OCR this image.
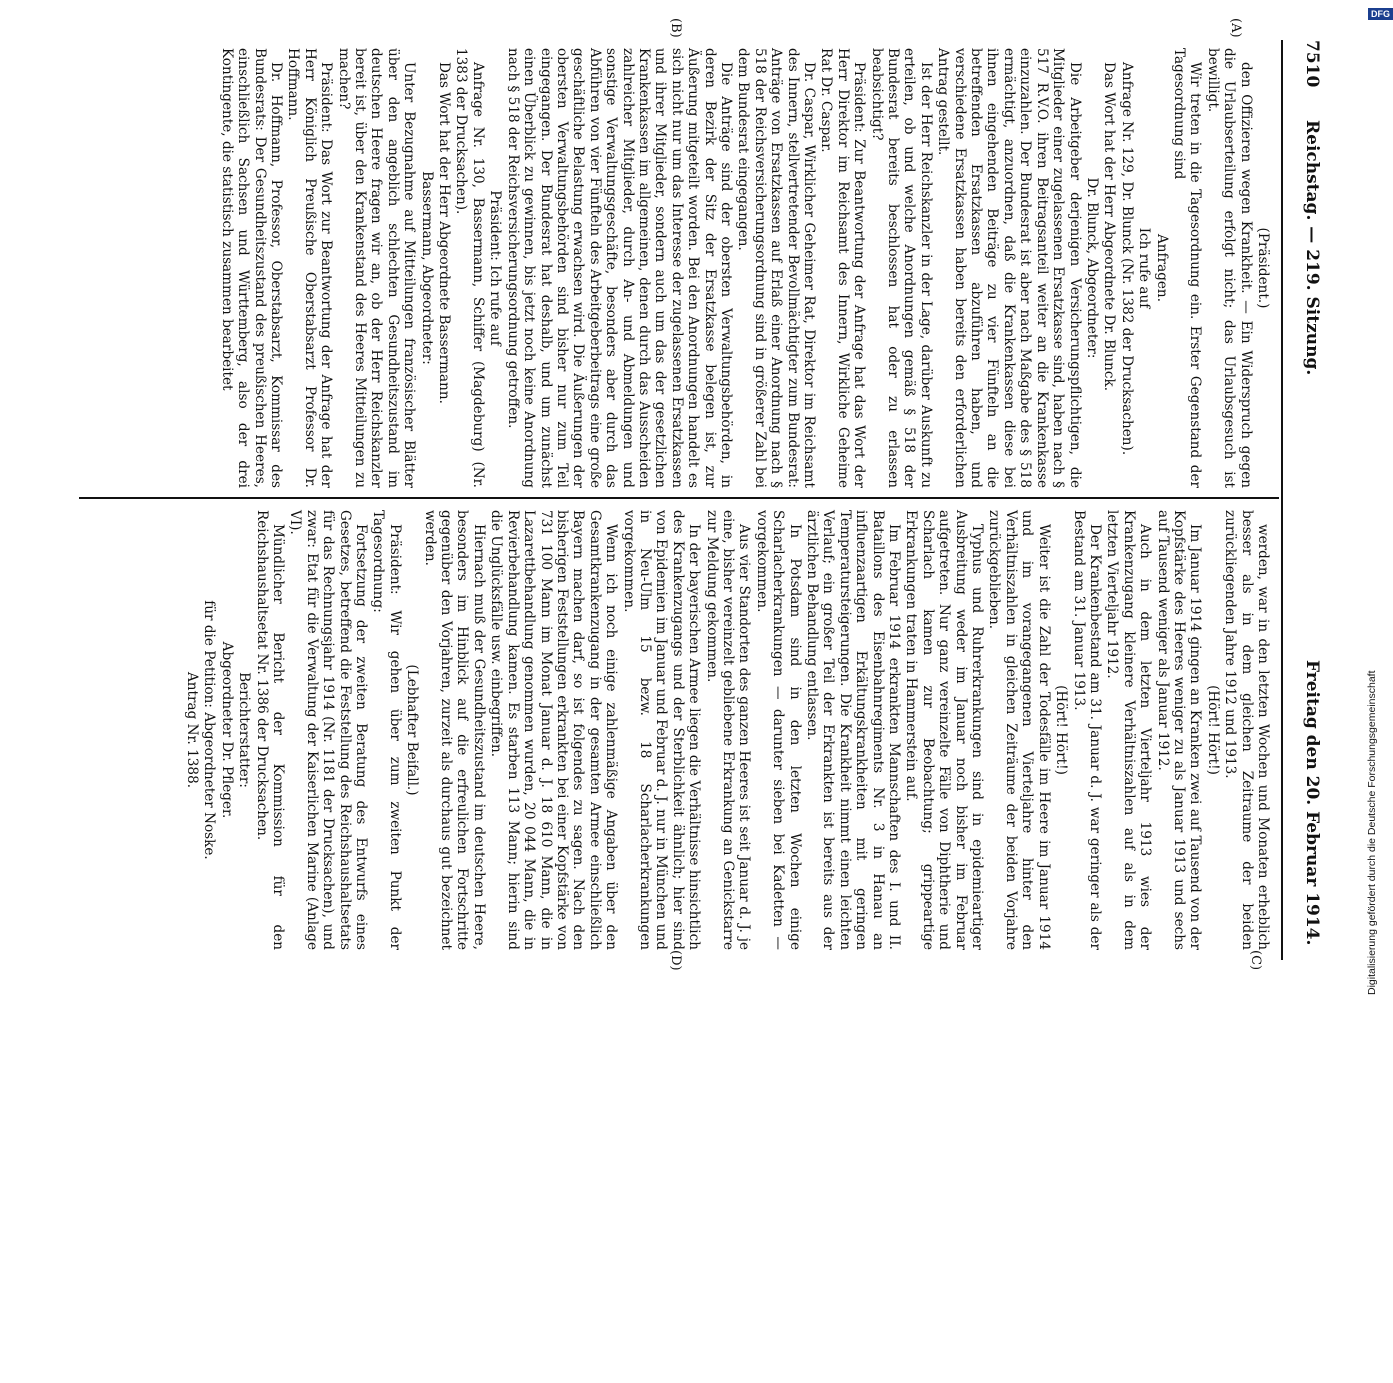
7510
Reichstag. — 219. Sitzung.
Freitag den 20. Februar 1914.
(A)
(B)
(C)
(D)

(Präsident.)

den Offizieren wegen Krankheit. — Ein Widerspruch gegen die Urlaubserteilung erfolgt nicht; das Urlaubsgesuch ist bewilligt.

Wir treten in die Tagesordnung ein. Erster Gegenstand der Tagesordnung sind

Anfragen.

Ich rufe auf

Anfrage Nr. 129, Dr. Blunck (Nr. 1382 der Drucksachen).

Das Wort hat der Herr Abgeordnete Dr. Blunck.

Dr. Blunck, Abgeordneter:

Die Arbeitgeber derjenigen Versicherungspflichtigen, die Mitglieder einer zugelassenen Ersatzkasse sind, haben nach § 517 R.V.O. ihren Beitragsanteil weiter an die Krankenkasse einzuzahlen. Der Bundesrat ist aber nach Maßgabe des § 518 ermächtigt, anzuordnen, daß die Krankenkassen diese bei ihnen eingehenden Beiträge zu vier Fünfteln an die betreffenden Ersatzkassen abzuführen haben, und verschiedene Ersatzkassen haben bereits den erforderlichen Antrag gestellt.

Ist der Herr Reichskanzler in der Lage, darüber Auskunft zu erteilen, ob und welche Anordnungen gemäß § 518 der Bundesrat bereits beschlossen hat oder zu erlassen beabsichtigt?

Präsident: Zur Beantwortung der Anfrage hat das Wort der Herr Direktor im Reichsamt des Innern, Wirkliche Geheime Rat Dr. Caspar.

Dr. Caspar, Wirklicher Geheimer Rat, Direktor im Reichsamt des Innern, stellvertretender Bevollmächtigter zum Bundesrat: Anträge von Ersatzkassen auf Erlaß einer Anordnung nach § 518 der Reichsversicherungsordnung sind in größerer Zahl bei dem Bundesrat eingegangen.

Die Anträge sind der obersten Verwaltungsbehörden, in deren Bezirk der Sitz der Ersatzkasse belegen ist, zur Äußerung mitgeteilt worden. Bei den Anordnungen handelt es sich nicht nur um das Interesse der zugelassenen Ersatzkassen und ihrer Mitglieder, sondern auch um das der gesetzlichen Krankenkassen im allgemeinen, denen durch das Ausscheiden zahlreicher Mitglieder, durch An- und Abmeldungen und sonstige Verwaltungsgeschäfte, besonders aber durch das Abführen von vier Fünfteln des Arbeitgeberbeitrags eine große geschäftliche Belastung erwachsen wird. Die Äußerungen der obersten Verwaltungsbehörden sind bisher nur zum Teil eingegangen. Der Bundesrat hat deshalb, und um zunächst einen Überblick zu gewinnen, bis jetzt noch keine Anordnung nach § 518 der Reichsversicherungsordnung getroffen.

Präsident: Ich rufe auf

Anfrage Nr. 130, Bassermann, Schiffer (Magdeburg) (Nr. 1383 der Drucksachen).

Das Wort hat der Herr Abgeordnete Bassermann.

Bassermann, Abgeordneter:

Unter Bezugnahme auf Mitteilungen französischer Blätter über den angeblich schlechten Gesundheitszustand im deutschen Heere fragen wir an, ob der Herr Reichskanzler bereit ist, über den Krankenstand des Heeres Mitteilungen zu machen?

Präsident: Das Wort zur Beantwortung der Anfrage hat der Herr Königlich Preußische Oberstabsarzt Professor Dr. Hoffmann.

Dr. Hoffmann, Professor, Oberstabsarzt, Kommissar des Bundesrats: Der Gesundheitszustand des preußischen Heeres, einschließlich Sachsen und Württemberg, also der drei Kontingente, die statistisch zusammen bearbeitet

werden, war in den letzten Wochen und Monaten erheblich besser als in dem gleichen Zeitraume der beiden zurückliegenden Jahre 1912 und 1913.

(Hört! Hört!)

Im Januar 1914 gingen an Kranken zwei auf Tausend von der Kopfstärke des Heeres weniger zu als Januar 1913 und sechs auf Tausend weniger als Januar 1912.

Auch in dem letzten Vierteljahr 1913 wies der Krankenzugang kleinere Verhältniszahlen auf als in dem letzten Vierteljahr 1912.

Der Krankenbestand am 31. Januar d. J. war geringer als der Bestand am 31. Januar 1913.

(Hört! Hört!)

Weiter ist die Zahl der Todesfälle im Heere im Januar 1914 und im vorangegangenen Vierteljahre hinter den Verhältniszahlen in gleichen Zeiträume der beiden Vorjahre zurückgeblieben.

Typhus und Ruhrerkrankungen sind in epidemieartiger Ausbreitung weder im Januar noch bisher im Februar aufgetreten. Nur ganz vereinzelte Fälle von Diphtherie und Scharlach kamen zur Beobachtung; grippeartige Erkrankungen traten in Hammerstein auf.

Im Februar 1914 erkrankten Mannschaften des I. und II. Bataillons des Eisenbahnregiments Nr. 3 in Hanau an influenzaartigen Erkältungskrankheiten mit geringen Temperatursteigerungen. Die Krankheit nimmt einen leichten Verlauf; ein großer Teil der Erkrankten ist bereits aus der ärztlichen Behandlung entlassen.

In Potsdam sind in den letzten Wochen einige Scharlacherkrankungen — darunter sieben bei Kadetten — vorgekommen.

Aus vier Standorten des ganzen Heeres ist seit Januar d. J. je eine, bisher vereinzelt gebliebene Erkrankung an Genickstarre zur Meldung gekommen.

In der bayerischen Armee liegen die Verhältnisse hinsichtlich des Krankenzugangs und der Sterblichkeit ähnlich; hier sind von Epidemien im Januar und Februar d. J. nur in München und in Neu-Ulm 15 bezw. 18 Scharlacherkrankungen vorgekommen.

Wenn ich noch einige zahlenmäßige Angaben über den Gesamtkrankenzugang in der gesamten Armee einschließlich Bayern machen darf, so ist folgendes zu sagen. Nach den bisherigen Feststellungen erkrankten bei einer Kopfstärke von 731 100 Mann im Monat Januar d. J. 18 610 Mann, die in Lazarettbehandlung genommen wurden, 20 044 Mann, die in Revierbehandlung kamen. Es starben 113 Mann; hierin sind die Unglücksfälle usw. einbegriffen.

Hiernach muß der Gesundheitszustand im deutschen Heere, besonders im Hinblick auf die erfreulichen Fortschritte gegenüber den Vorjahren, zurzeit als durchaus gut bezeichnet werden.

(Lebhafter Beifall.)

Präsident: Wir gehen über zum zweiten Punkt der Tagesordnung:

Fortsetzung der zweiten Beratung des Entwurfs eines Gesetzes, betreffend die Feststellung des Reichshaushaltsetats für das Rechnungsjahr 1914 (Nr. 1181 der Drucksachen), und zwar: Etat für die Verwaltung der Kaiserlichen Marine (Anlage VI).

Mündlicher Bericht der Kommission für den Reichshaushaltsetat Nr. 1386 der Drucksachen.

Berichterstatter:

Abgeordneter Dr. Pfleger.

für die Petition: Abgeordneter Noske.

Antrag Nr. 1388.	Digitalisierung gefördert durch die Deutsche Forschungsgemeinschaft
DFG
